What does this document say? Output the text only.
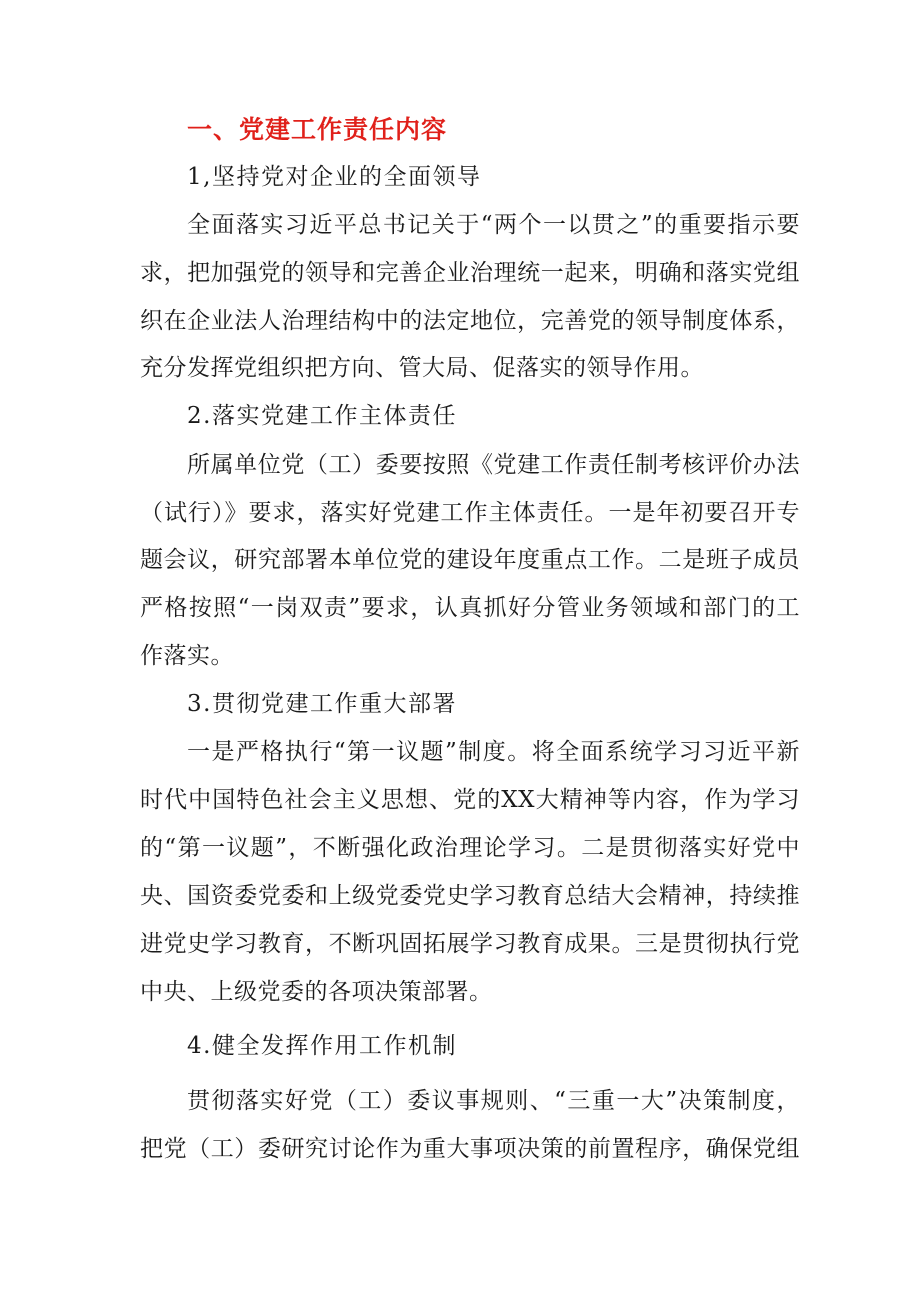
一、党建工作责任内容

1,坚持党对企业的全面领导

全面落实习近平总书记关于“两个一以贯之”的重要指示要

求，把加强党的领导和完善企业治理统一起来，明确和落实党组

织在企业法人治理结构中的法定地位，完善党的领导制度体系，

充分发挥党组织把方向、管大局、促落实的领导作用。

2.落实党建工作主体责任

所属单位党（工）委要按照《党建工作责任制考核评价办法

（试行）》要求，落实好党建工作主体责任。一是年初要召开专

题会议，研究部署本单位党的建设年度重点工作。二是班子成员

严格按照“一岗双责”要求，认真抓好分管业务领域和部门的工

作落实。

3.贯彻党建工作重大部署

一是严格执行“第一议题”制度。将全面系统学习习近平新

时代中国特色社会主义思想、党的XX大精神等内容，作为学习

的“第一议题”，不断强化政治理论学习。二是贯彻落实好党中

央、国资委党委和上级党委党史学习教育总结大会精神，持续推

进党史学习教育，不断巩固拓展学习教育成果。三是贯彻执行党

中央、上级党委的各项决策部署。

4.健全发挥作用工作机制

贯彻落实好党（工）委议事规则、“三重一大”决策制度，

把党（工）委研究讨论作为重大事项决策的前置程序，确保党组
